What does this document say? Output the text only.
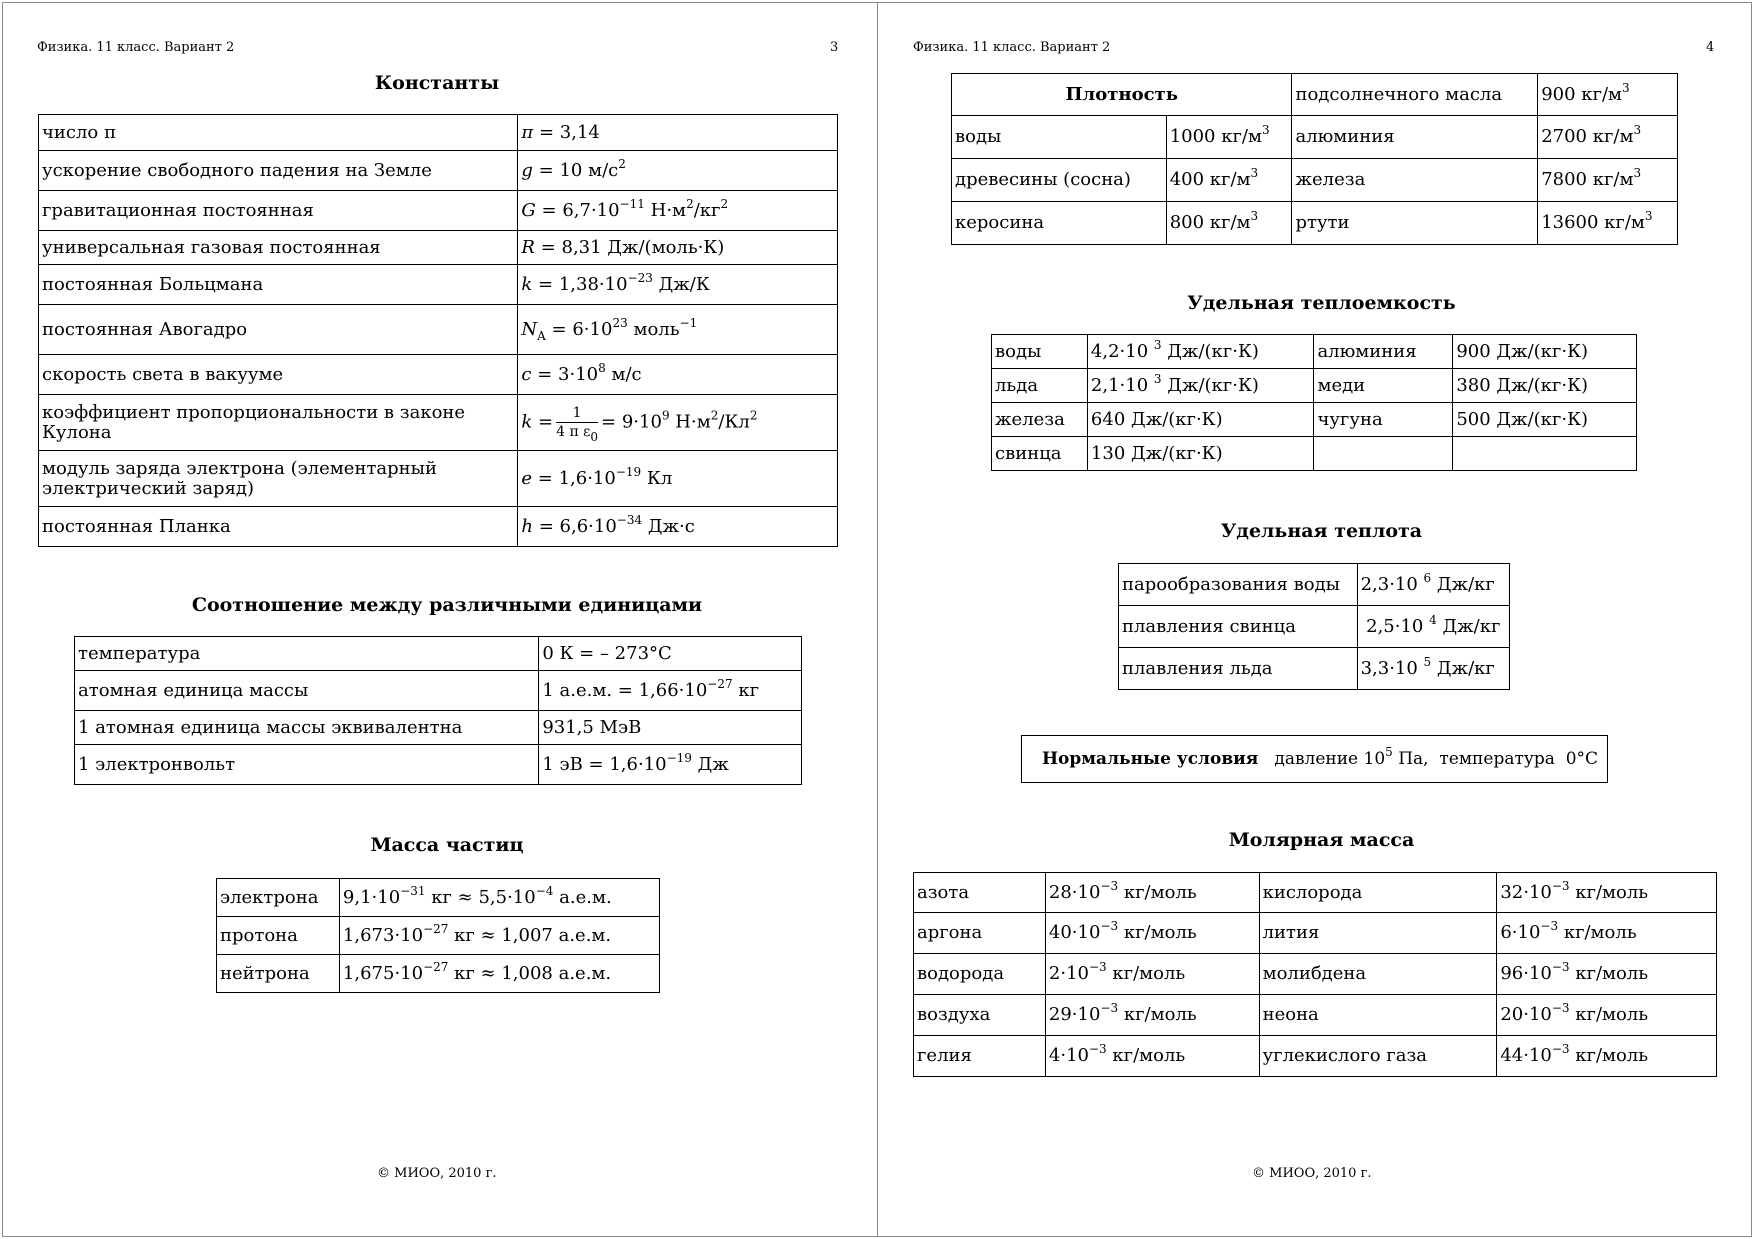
Физика. 11 класс. Вариант 2	3
Константы
число π	π = 3,14
ускорение свободного падения на Земле	g = 10 $м/с^2$
гравитационная постоянная	$G = 6,7\cdot 10^{-11}$ $Н\cdot м^2/кг^2$
универсальная газовая постоянная	R = 8,31 Дж/(моль·К)
постоянная Больцмана	$k = 1,38\cdot 10^{-23}$ Дж/К
постоянная Авогадро	$N_A = 6\cdot 10^{23}$ моль$^{-1}$
скорость света в вакууме	$c = 3\cdot 10^8$ м/с
коэффициент пропорциональности в законе Кулона	$k = \frac{1}{4 \pi \varepsilon_0} = 9\cdot 10^9$ $Н\cdot м^2/Кл^2$
модуль заряда электрона (элементарный электрический заряд)	$e = 1,6\cdot 10^{-19}$ Кл
постоянная Планка	$h = 6,6\cdot 10^{-34}$ Дж·с
Соотношение между различными единицами
температура	0 К = – 273°С
атомная единица массы	1 а.е.м. = $1,66\cdot 10^{-27}$ кг
1 атомная единица массы эквивалентна	931,5 МэВ
1 электронвольт	1 эВ = $1,6\cdot 10^{-19}$ Дж
Масса частиц
электрона	$9,1\cdot 10^{-31}$ кг ≈ $5,5\cdot 10^{-4}$ а.е.м.
протона	$1,673\cdot 10^{-27}$ кг ≈ 1,007 а.е.м.
нейтрона	$1,675\cdot 10^{-27}$ кг ≈ 1,008 а.е.м.
© МИОО, 2010 г.
Физика. 11 класс. Вариант 2	4
Плотность		подсолнечного масла	900 $кг/м^3$
воды	1000 $кг/м^3$	алюминия	2700 $кг/м^3$
древесины (сосна)	400 $кг/м^3$	железа	7800 $кг/м^3$
керосина	800 $кг/м^3$	ртути	13600 $кг/м^3$
Удельная теплоемкость
воды	4,2·10 $^3$ Дж/(кг·К)	алюминия	900 Дж/(кг·К)
льда	2,1·10 $^3$ Дж/(кг·К)	меди	380 Дж/(кг·К)
железа	640 Дж/(кг·К)	чугуна	500 Дж/(кг·К)
свинца	130 Дж/(кг·К)		
Удельная теплота
парообразования воды	2,3·10 $^6$ Дж/кг
плавления свинца	2,5·10 $^4$ Дж/кг
плавления льда	3,3·10 $^5$ Дж/кг
Нормальные условия давление $10^5$ Па,  температура  0°С
Молярная масса
азота	$28\cdot 10^{-3}$ кг/моль	кислорода	$32\cdot 10^{-3}$ кг/моль
аргона	$40\cdot 10^{-3}$ кг/моль	лития	$6\cdot 10^{-3}$ кг/моль
водорода	$2\cdot 10^{-3}$ кг/моль	молибдена	$96\cdot 10^{-3}$ кг/моль
воздуха	$29\cdot 10^{-3}$ кг/моль	неона	$20\cdot 10^{-3}$ кг/моль
гелия	$4\cdot 10^{-3}$ кг/моль	углекислого газа	$44\cdot 10^{-3}$ кг/моль
© МИОО, 2010 г.
